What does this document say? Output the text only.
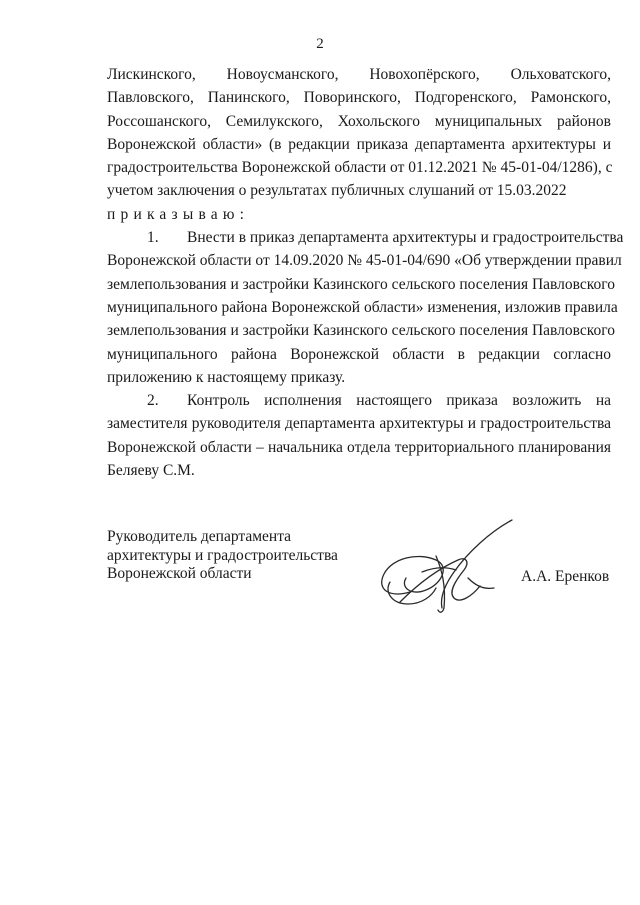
2
Лискинского, Новоусманского, Новохопёрского, Ольховатского,
Павловского, Панинского, Поворинского, Подгоренского, Рамонского,
Россошанского, Семилукского, Хохольского муниципальных районов
Воронежской области» (в редакции приказа департамента архитектуры и
градостроительства Воронежской области от 01.12.2021 № 45-01-04/1286), с
учетом заключения о результатах публичных слушаний от 15.03.2022
приказываю:
1. Внести в приказ департамента архитектуры и градостроительства
Воронежской области от 14.09.2020 № 45-01-04/690 «Об утверждении правил
землепользования и застройки Казинского сельского поселения Павловского
муниципального района Воронежской области» изменения, изложив правила
землепользования и застройки Казинского сельского поселения Павловского
муниципального района Воронежской области в редакции согласно
приложению к настоящему приказу.
2. Контроль исполнения настоящего приказа возложить на
заместителя руководителя департамента архитектуры и градостроительства
Воронежской области – начальника отдела территориального планирования
Беляеву С.М.
Руководитель департамента
архитектуры и градостроительства
Воронежской области	А.А. Еренков
